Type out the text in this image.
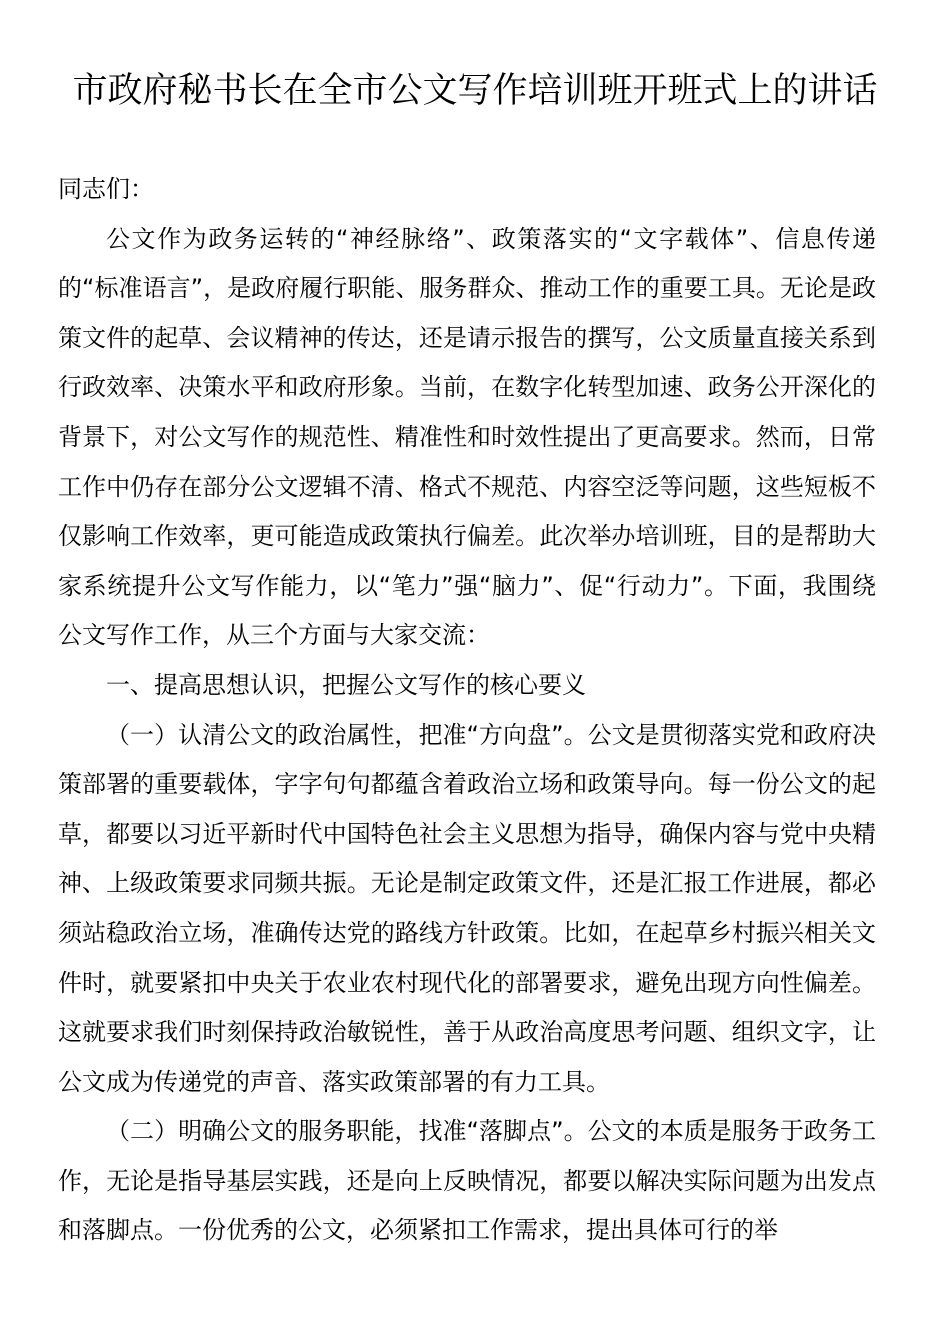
市政府秘书长在全市公文写作培训班开班式上的讲话

同志们：

公文作为政务运转的“神经脉络”、政策落实的“文字载体”、信息传递的“标准语言”，是政府履行职能、服务群众、推动工作的重要工具。无论是政策文件的起草、会议精神的传达，还是请示报告的撰写，公文质量直接关系到行政效率、决策水平和政府形象。当前，在数字化转型加速、政务公开深化的背景下，对公文写作的规范性、精准性和时效性提出了更高要求。然而，日常工作中仍存在部分公文逻辑不清、格式不规范、内容空泛等问题，这些短板不仅影响工作效率，更可能造成政策执行偏差。此次举办培训班，目的是帮助大家系统提升公文写作能力，以“笔力”强“脑力”、促“行动力”。下面，我围绕公文写作工作，从三个方面与大家交流：

一、提高思想认识，把握公文写作的核心要义

（一）认清公文的政治属性，把准“方向盘”。公文是贯彻落实党和政府决策部署的重要载体，字字句句都蕴含着政治立场和政策导向。每一份公文的起草，都要以习近平新时代中国特色社会主义思想为指导，确保内容与党中央精神、上级政策要求同频共振。无论是制定政策文件，还是汇报工作进展，都必须站稳政治立场，准确传达党的路线方针政策。比如，在起草乡村振兴相关文件时，就要紧扣中央关于农业农村现代化的部署要求，避免出现方向性偏差。这就要求我们时刻保持政治敏锐性，善于从政治高度思考问题、组织文字，让公文成为传递党的声音、落实政策部署的有力工具。

（二）明确公文的服务职能，找准“落脚点”。公文的本质是服务于政务工作，无论是指导基层实践，还是向上反映情况，都要以解决实际问题为出发点和落脚点。一份优秀的公文，必须紧扣工作需求，提出具体可行的举
